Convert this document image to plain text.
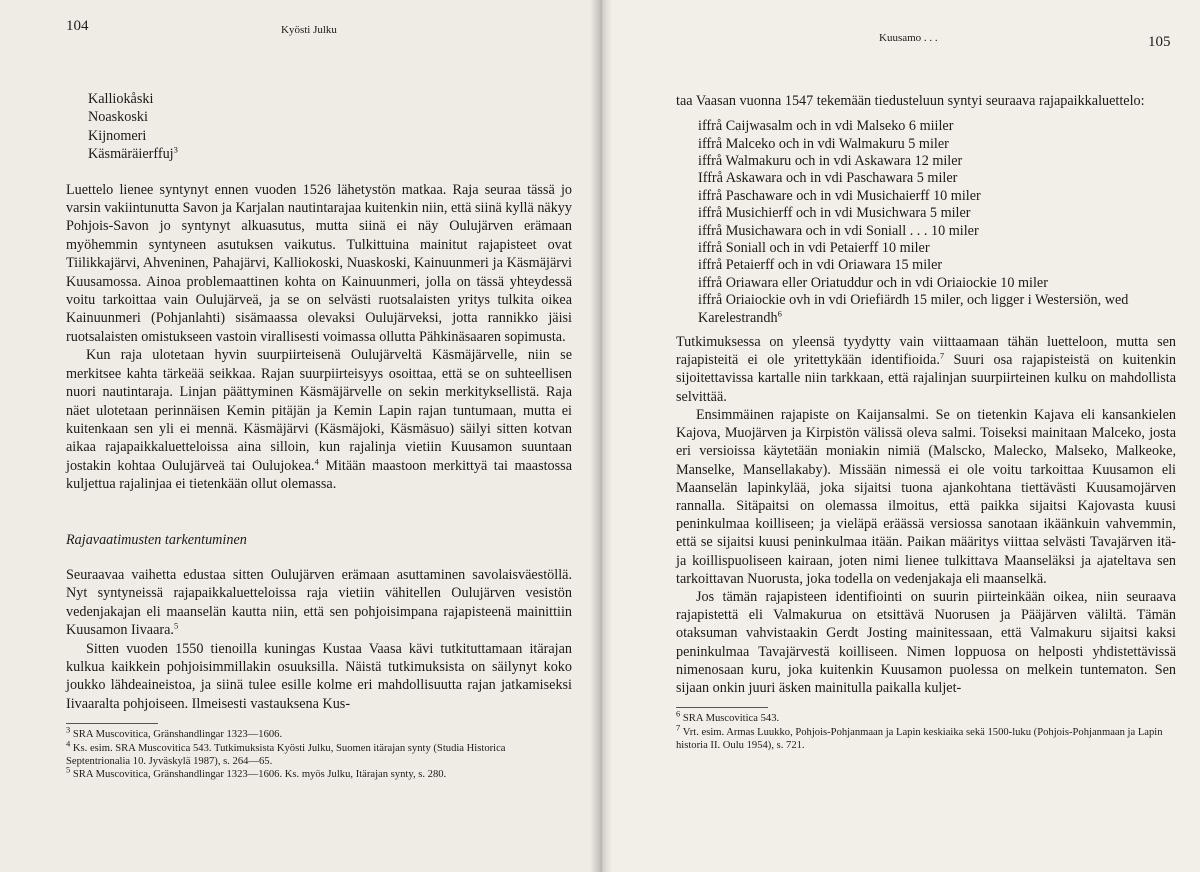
104	Kyösti Julku
Kalliokåski
Noaskoski
Kijnomeri
Käsmäräierffuj$^3$

Luettelo lienee syntynyt ennen vuoden 1526 lähetystön matkaa. Raja seuraa tässä jo varsin vakiintunutta Savon ja Karjalan nautintarajaa kuitenkin niin, että siinä kyllä näkyy Pohjois-Savon jo syntynyt alkuasutus, mutta siinä ei näy Oulujärven erämaan myöhemmin syntyneen asutuksen vaikutus. Tulkittuina mainitut rajapisteet ovat Tiilikkajärvi, Ahveninen, Pahajärvi, Kalliokoski, Nuaskoski, Kainuunmeri ja Käsmäjärvi Kuusamossa. Ainoa problemaattinen kohta on Kainuunmeri, jolla on tässä yhteydessä voitu tarkoittaa vain Oulujärveä, ja se on selvästi ruotsalaisten yritys tulkita oikea Kainuunmeri (Pohjanlahti) sisämaassa olevaksi Oulujärveksi, jotta rannikko jäisi ruotsalaisten omistukseen vastoin virallisesti voimassa ollutta Pähkinäsaaren sopimusta.

Kun raja ulotetaan hyvin suurpiirteisenä Oulujärveltä Käsmäjärvelle, niin se merkitsee kahta tärkeää seikkaa. Rajan suurpiirteisyys osoittaa, että se on suhteellisen nuori nautintaraja. Linjan päättyminen Käsmäjärvelle on sekin merkityksellistä. Raja näet ulotetaan perinnäisen Kemin pitäjän ja Kemin Lapin rajan tuntumaan, mutta ei kuitenkaan sen yli ei mennä. Käsmäjärvi (Käsmäjoki, Käsmäsuo) säilyi sitten kotvan aikaa rajapaikkaluetteloissa aina silloin, kun rajalinja vietiin Kuusamon suuntaan jostakin kohtaa Oulujärveä tai Oulujokea.$^4$ Mitään maastoon merkittyä tai maastossa kuljettua rajalinjaa ei tietenkään ollut olemassa.

Rajavaatimusten tarkentuminen

Seuraavaa vaihetta edustaa sitten Oulujärven erämaan asuttaminen savolaisväestöllä. Nyt syntyneissä rajapaikkaluetteloissa raja vietiin vähitellen Oulujärven vesistön vedenjakajan eli maanselän kautta niin, että sen pohjoisimpana rajapisteenä mainittiin Kuusamon Iivaara.$^5$

Sitten vuoden 1550 tienoilla kuningas Kustaa Vaasa kävi tutkituttamaan itärajan kulkua kaikkein pohjoisimmillakin osuuksilla. Näistä tutkimuksista on säilynyt koko joukko lähdeaineistoa, ja siinä tulee esille kolme eri mahdollisuutta rajan jatkamiseksi Iivaaralta pohjoiseen. Ilmeisesti vastauksena Kus-

$^3$ SRA Muscovitica, Gränshandlingar 1323—1606.
$^4$ Ks. esim. SRA Muscovitica 543. Tutkimuksista Kyösti Julku, Suomen itärajan synty (Studia Historica Septentrionalia 10. Jyväskylä 1987), s. 264—65.
$^5$ SRA Muscovitica, Gränshandlingar 1323—1606. Ks. myös Julku, Itärajan synty, s. 280.
Kuusamo . . .	105

taa Vaasan vuonna 1547 tekemään tiedusteluun syntyi seuraava rajapaikkaluettelo:

iffrå Caijwasalm och in vdi Malseko 6 miiler
iffrå Malceko och in vdi Walmakuru 5 miler
iffrå Walmakuru och in vdi Askawara 12 miler
Iffrå Askawara och in vdi Paschawara 5 miler
iffrå Paschaware och in vdi Musichaierff 10 miler
iffrå Musichierff och in vdi Musichwara 5 miler
iffrå Musichawara och in vdi Soniall . . . 10 miler
iffrå Soniall och in vdi Petaierff 10 miler
iffrå Petaierff och in vdi Oriawara 15 miler
iffrå Oriawara eller Oriatuddur och in vdi Oriaiockie 10 miler
iffrå Oriaiockie ovh in vdi Oriefiärdh 15 miler, och ligger i Westersiön, wed
Karelestrandh$^6$

Tutkimuksessa on yleensä tyydytty vain viittaamaan tähän luetteloon, mutta sen rajapisteitä ei ole yritettykään identifioida.$^7$ Suuri osa rajapisteistä on kuitenkin sijoitettavissa kartalle niin tarkkaan, että rajalinjan suurpiirteinen kulku on mahdollista selvittää.

Ensimmäinen rajapiste on Kaijansalmi. Se on tietenkin Kajava eli kansankielen Kajova, Muojärven ja Kirpistön välissä oleva salmi. Toiseksi mainitaan Malceko, josta eri versioissa käytetään moniakin nimiä (Malscko, Malecko, Malseko, Malkeoke, Manselke, Mansellakaby). Missään nimessä ei ole voitu tarkoittaa Kuusamon eli Maanselän lapinkylää, joka sijaitsi tuona ajankohtana tiettävästi Kuusamojärven rannalla. Sitäpaitsi on olemassa ilmoitus, että paikka sijaitsi Kajovasta kuusi peninkulmaa koilliseen; ja vieläpä eräässä versiossa sanotaan ikäänkuin vahvemmin, että se sijaitsi kuusi peninkulmaa itään. Paikan määritys viittaa selvästi Tavajärven itä- ja koillispuoliseen kairaan, joten nimi lienee tulkittava Maanseläksi ja ajateltava sen tarkoittavan Nuorusta, joka todella on vedenjakaja eli maanselkä.

Jos tämän rajapisteen identifiointi on suurin piirteinkään oikea, niin seuraava rajapistettä eli Valmakurua on etsittävä Nuorusen ja Pääjärven väliltä. Tämän otaksuman vahvistaakin Gerdt Josting mainitessaan, että Valmakuru sijaitsi kaksi peninkulmaa Tavajärvestä koilliseen. Nimen loppuosa on helposti yhdistettävissä nimenosaan kuru, joka kuitenkin Kuusamon puolessa on melkein tuntematon. Sen sijaan onkin juuri äsken mainitulla paikalla kuljet-

$^6$ SRA Muscovitica 543.
$^7$ Vrt. esim. Armas Luukko, Pohjois-Pohjanmaan ja Lapin keskiaika sekä 1500-luku (Pohjois-Pohjanmaan ja Lapin historia II. Oulu 1954), s. 721.
